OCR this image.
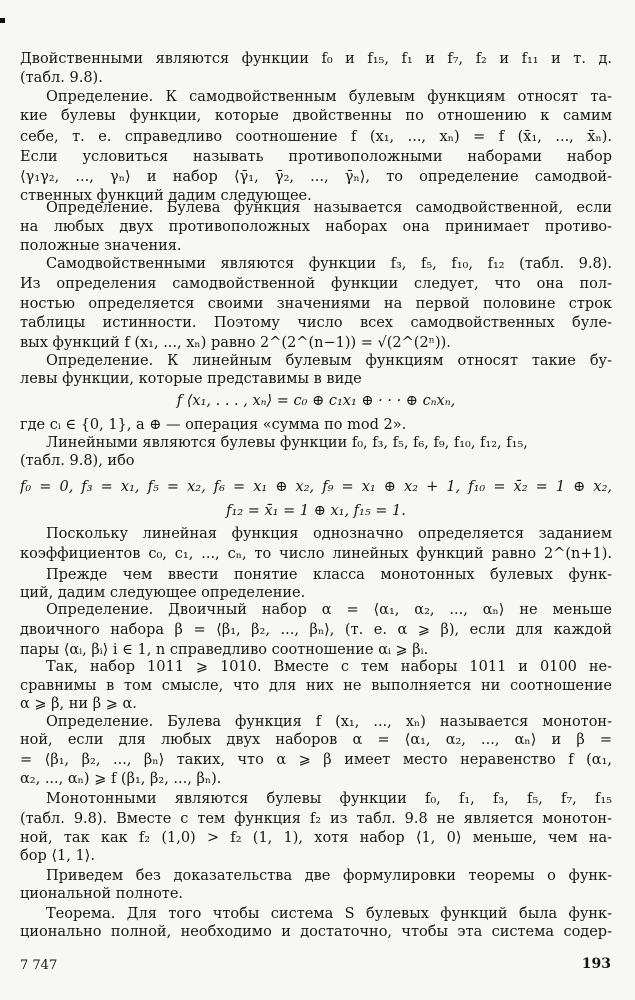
Двойственными являются функции f₀ и f₁₅, f₁ и f₇, f₂ и f₁₁ и т. д.
(табл. 9.8).
Определение. К самодвойственным булевым функциям относят та-
кие булевы функции, которые двойственны по отношению к самим
себе, т. е. справедливо соотношение f (x₁, ..., xₙ) = f̄ (x̄₁, ..., x̄ₙ).
Если условиться называть противоположными наборами набор
⟨γ₁γ₂, ..., γₙ⟩ и набор ⟨γ̄₁, γ̄₂, ..., γ̄ₙ⟩, то определение самодвой-
ственных функций дадим следующее.
Определение. Булева функция называется самодвойственной, если
на любых двух противоположных наборах она принимает противо-
положные значения.
Самодвойственными являются функции f₃, f₅, f₁₀, f₁₂ (табл. 9.8).
Из определения самодвойственной функции следует, что она пол-
ностью определяется своими значениями на первой половине строк
таблицы истинности. Поэтому число всех самодвойственных буле-
вых функций f (x₁, ..., xₙ) равно 2^(2^(n−1)) = √(2^(2ⁿ)).
Определение. К линейным булевым функциям относят такие бу-
левы функции, которые представимы в виде
f ⟨x₁, . . . , xₙ⟩ = c₀ ⊕ c₁x₁ ⊕ · · · ⊕ cₙxₙ,
где cᵢ ∈ {0, 1}, а ⊕ — операция «сумма по mod 2».
Линейными являются булевы функции f₀, f₃, f₅, f₆, f₉, f₁₀, f₁₂, f₁₅,
(табл. 9.8), ибо
f₀ = 0, f₃ = x₁, f₅ = x₂, f₆ = x₁ ⊕ x₂, f₉ = x₁ ⊕ x₂ + 1, f₁₀ = x̄₂ = 1 ⊕ x₂,
f₁₂ = x̄₁ = 1 ⊕ x₁, f₁₅ = 1.
Поскольку линейная функция однозначно определяется заданием
коэффициентов c₀, c₁, ..., cₙ, то число линейных функций равно 2^(n+1).
Прежде чем ввести понятие класса монотонных булевых функ-
ций, дадим следующее определение.
Определение. Двоичный набор α = ⟨α₁, α₂, ..., αₙ⟩ не меньше
двоичного набора β = ⟨β₁, β₂, ..., βₙ⟩, (т. е. α ⩾ β), если для каждой
пары ⟨αᵢ, βᵢ⟩ i ∈ 1, n справедливо соотношение αᵢ ⩾ βᵢ.
Так, набор 1011 ⩾ 1010. Вместе с тем наборы 1011 и 0100 не-
сравнимы в том смысле, что для них не выполняется ни соотношение
α ⩾ β, ни β ⩾ α.
Определение. Булева функция f (x₁, ..., xₙ) называется монотон-
ной, если для любых двух наборов α = ⟨α₁, α₂, ..., αₙ⟩ и β =
= ⟨β₁, β₂, ..., βₙ⟩ таких, что α ⩾ β имеет место неравенство f (α₁,
α₂, ..., αₙ) ⩾ f (β₁, β₂, ..., βₙ).
Монотонными являются булевы функции f₀, f₁, f₃, f₅, f₇, f₁₅
(табл. 9.8). Вместе с тем функция f₂ из табл. 9.8 не является монотон-
ной, так как f₂ (1,0) > f₂ (1, 1), хотя набор ⟨1, 0⟩ меньше, чем на-
бор ⟨1, 1⟩.
Приведем без доказательства две формулировки теоремы о функ-
циональной полноте.
Теорема. Для того чтобы система S булевых функций была функ-
ционально полной, необходимо и достаточно, чтобы эта система содер-
7 747	193
